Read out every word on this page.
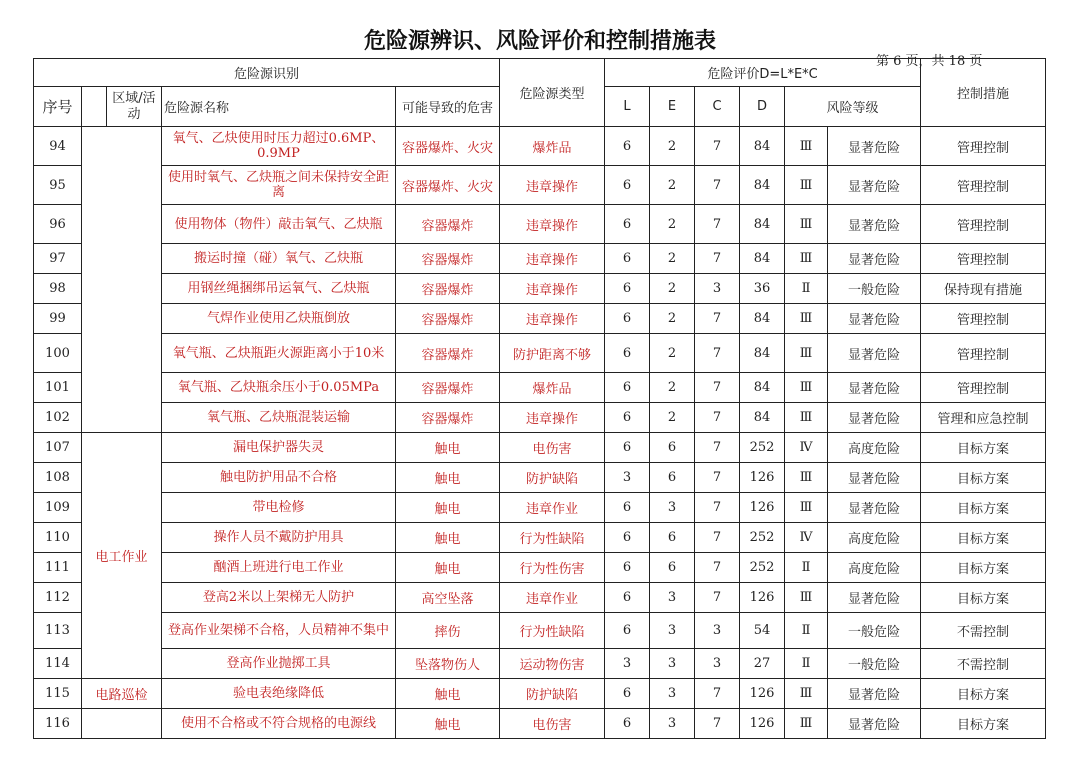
危险源辨识、风险评价和控制措施表
第 6 页，共 18 页
危险源识别					危险源类型	危险评价D=L*E*C						控制措施
序号		区域/活动	危险源名称	可能导致的危害		L	E	C	D	风险等级		
94			氧气、乙炔使用时压力超过0.6MP、0.9MP	容器爆炸、火灾	爆炸品	6	2	7	84	Ⅲ	显著危险	管理控制
95			使用时氧气、乙炔瓶之间未保持安全距离	容器爆炸、火灾	违章操作	6	2	7	84	Ⅲ	显著危险	管理控制
96			使用物体（物件）敲击氧气、乙炔瓶	容器爆炸	违章操作	6	2	7	84	Ⅲ	显著危险	管理控制
97			搬运时撞（碰）氧气、乙炔瓶	容器爆炸	违章操作	6	2	7	84	Ⅲ	显著危险	管理控制
98			用钢丝绳捆绑吊运氧气、乙炔瓶	容器爆炸	违章操作	6	2	3	36	Ⅱ	一般危险	保持现有措施
99			气焊作业使用乙炔瓶倒放	容器爆炸	违章操作	6	2	7	84	Ⅲ	显著危险	管理控制
100			氧气瓶、乙炔瓶距火源距离小于10米	容器爆炸	防护距离不够	6	2	7	84	Ⅲ	显著危险	管理控制
101			氧气瓶、乙炔瓶余压小于0.05MPa	容器爆炸	爆炸品	6	2	7	84	Ⅲ	显著危险	管理控制
102			氧气瓶、乙炔瓶混装运输	容器爆炸	违章操作	6	2	7	84	Ⅲ	显著危险	管理和应急控制
107	电工作业		漏电保护器失灵	触电	电伤害	6	6	7	252	Ⅳ	高度危险	目标方案
108			触电防护用品不合格	触电	防护缺陷	3	6	7	126	Ⅲ	显著危险	目标方案
109			带电检修	触电	违章作业	6	3	7	126	Ⅲ	显著危险	目标方案
110			操作人员不戴防护用具	触电	行为性缺陷	6	6	7	252	Ⅳ	高度危险	目标方案
111			酗酒上班进行电工作业	触电	行为性伤害	6	6	7	252	Ⅱ	高度危险	目标方案
112			登高2米以上架梯无人防护	高空坠落	违章作业	6	3	7	126	Ⅲ	显著危险	目标方案
113			登高作业架梯不合格，人员精神不集中	摔伤	行为性缺陷	6	3	3	54	Ⅱ	一般危险	不需控制
114			登高作业抛掷工具	坠落物伤人	运动物伤害	3	3	3	27	Ⅱ	一般危险	不需控制
115	电路巡检		验电表绝缘降低	触电	防护缺陷	6	3	7	126	Ⅲ	显著危险	目标方案
116			使用不合格或不符合规格的电源线	触电	电伤害	6	3	7	126	Ⅲ	显著危险	目标方案
